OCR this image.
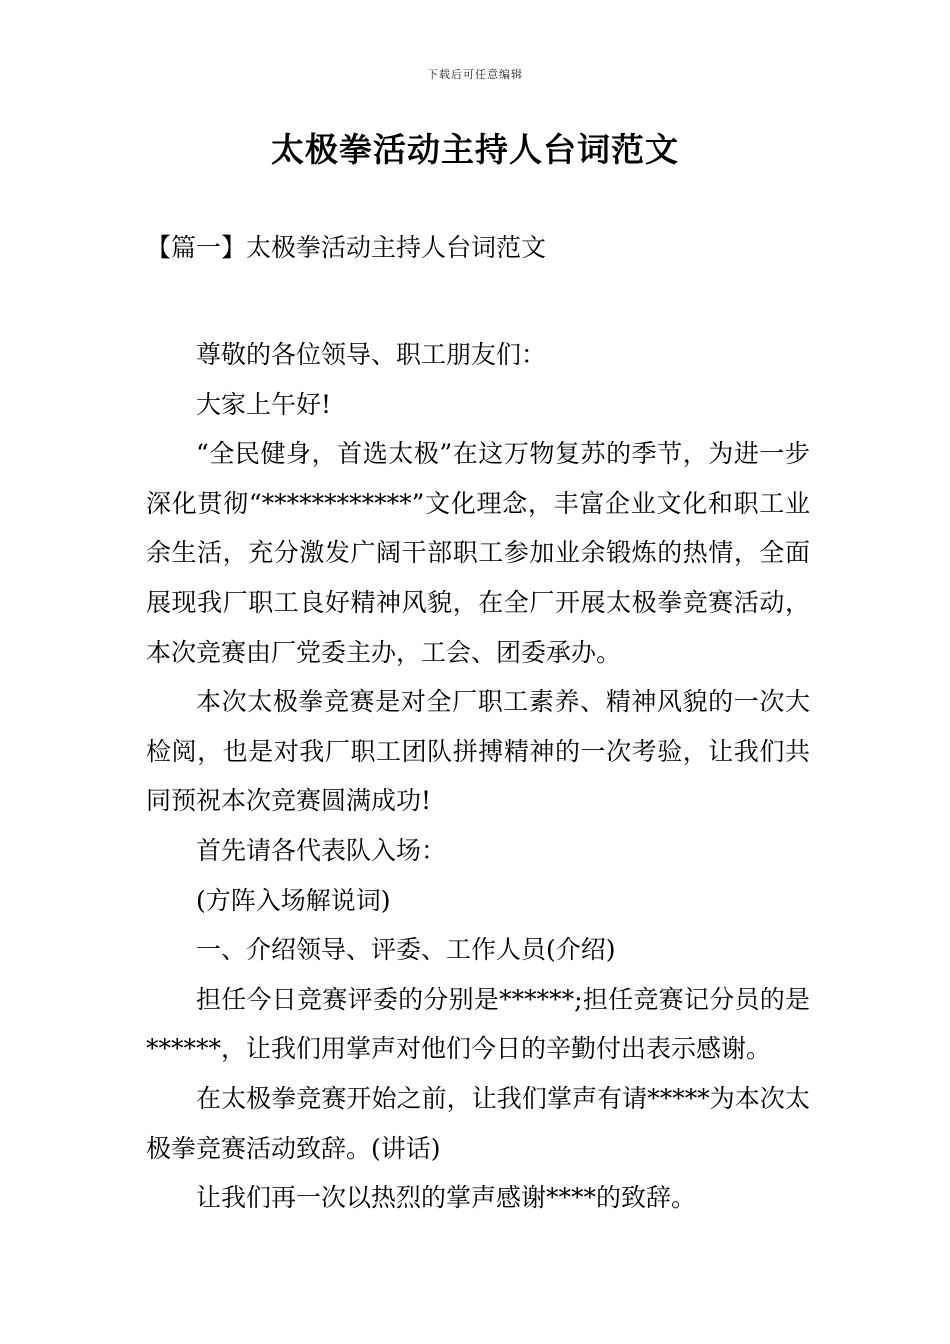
下载后可任意编辑
太极拳活动主持人台词范文
【篇一】太极拳活动主持人台词范文

尊敬的各位领导、职工朋友们：

大家上午好!

“全民健身，首选太极”在这万物复苏的季节，为进一步深化贯彻“************”文化理念，丰富企业文化和职工业余生活，充分激发广阔干部职工参加业余锻炼的热情，全面展现我厂职工良好精神风貌，在全厂开展太极拳竞赛活动，本次竞赛由厂党委主办，工会、团委承办。

本次太极拳竞赛是对全厂职工素养、精神风貌的一次大检阅，也是对我厂职工团队拼搏精神的一次考验，让我们共同预祝本次竞赛圆满成功!

首先请各代表队入场：

(方阵入场解说词)

一、介绍领导、评委、工作人员(介绍)

担任今日竞赛评委的分别是******;担任竞赛记分员的是******，让我们用掌声对他们今日的辛勤付出表示感谢。

在太极拳竞赛开始之前，让我们掌声有请*****为本次太极拳竞赛活动致辞。(讲话)

让我们再一次以热烈的掌声感谢****的致辞。
